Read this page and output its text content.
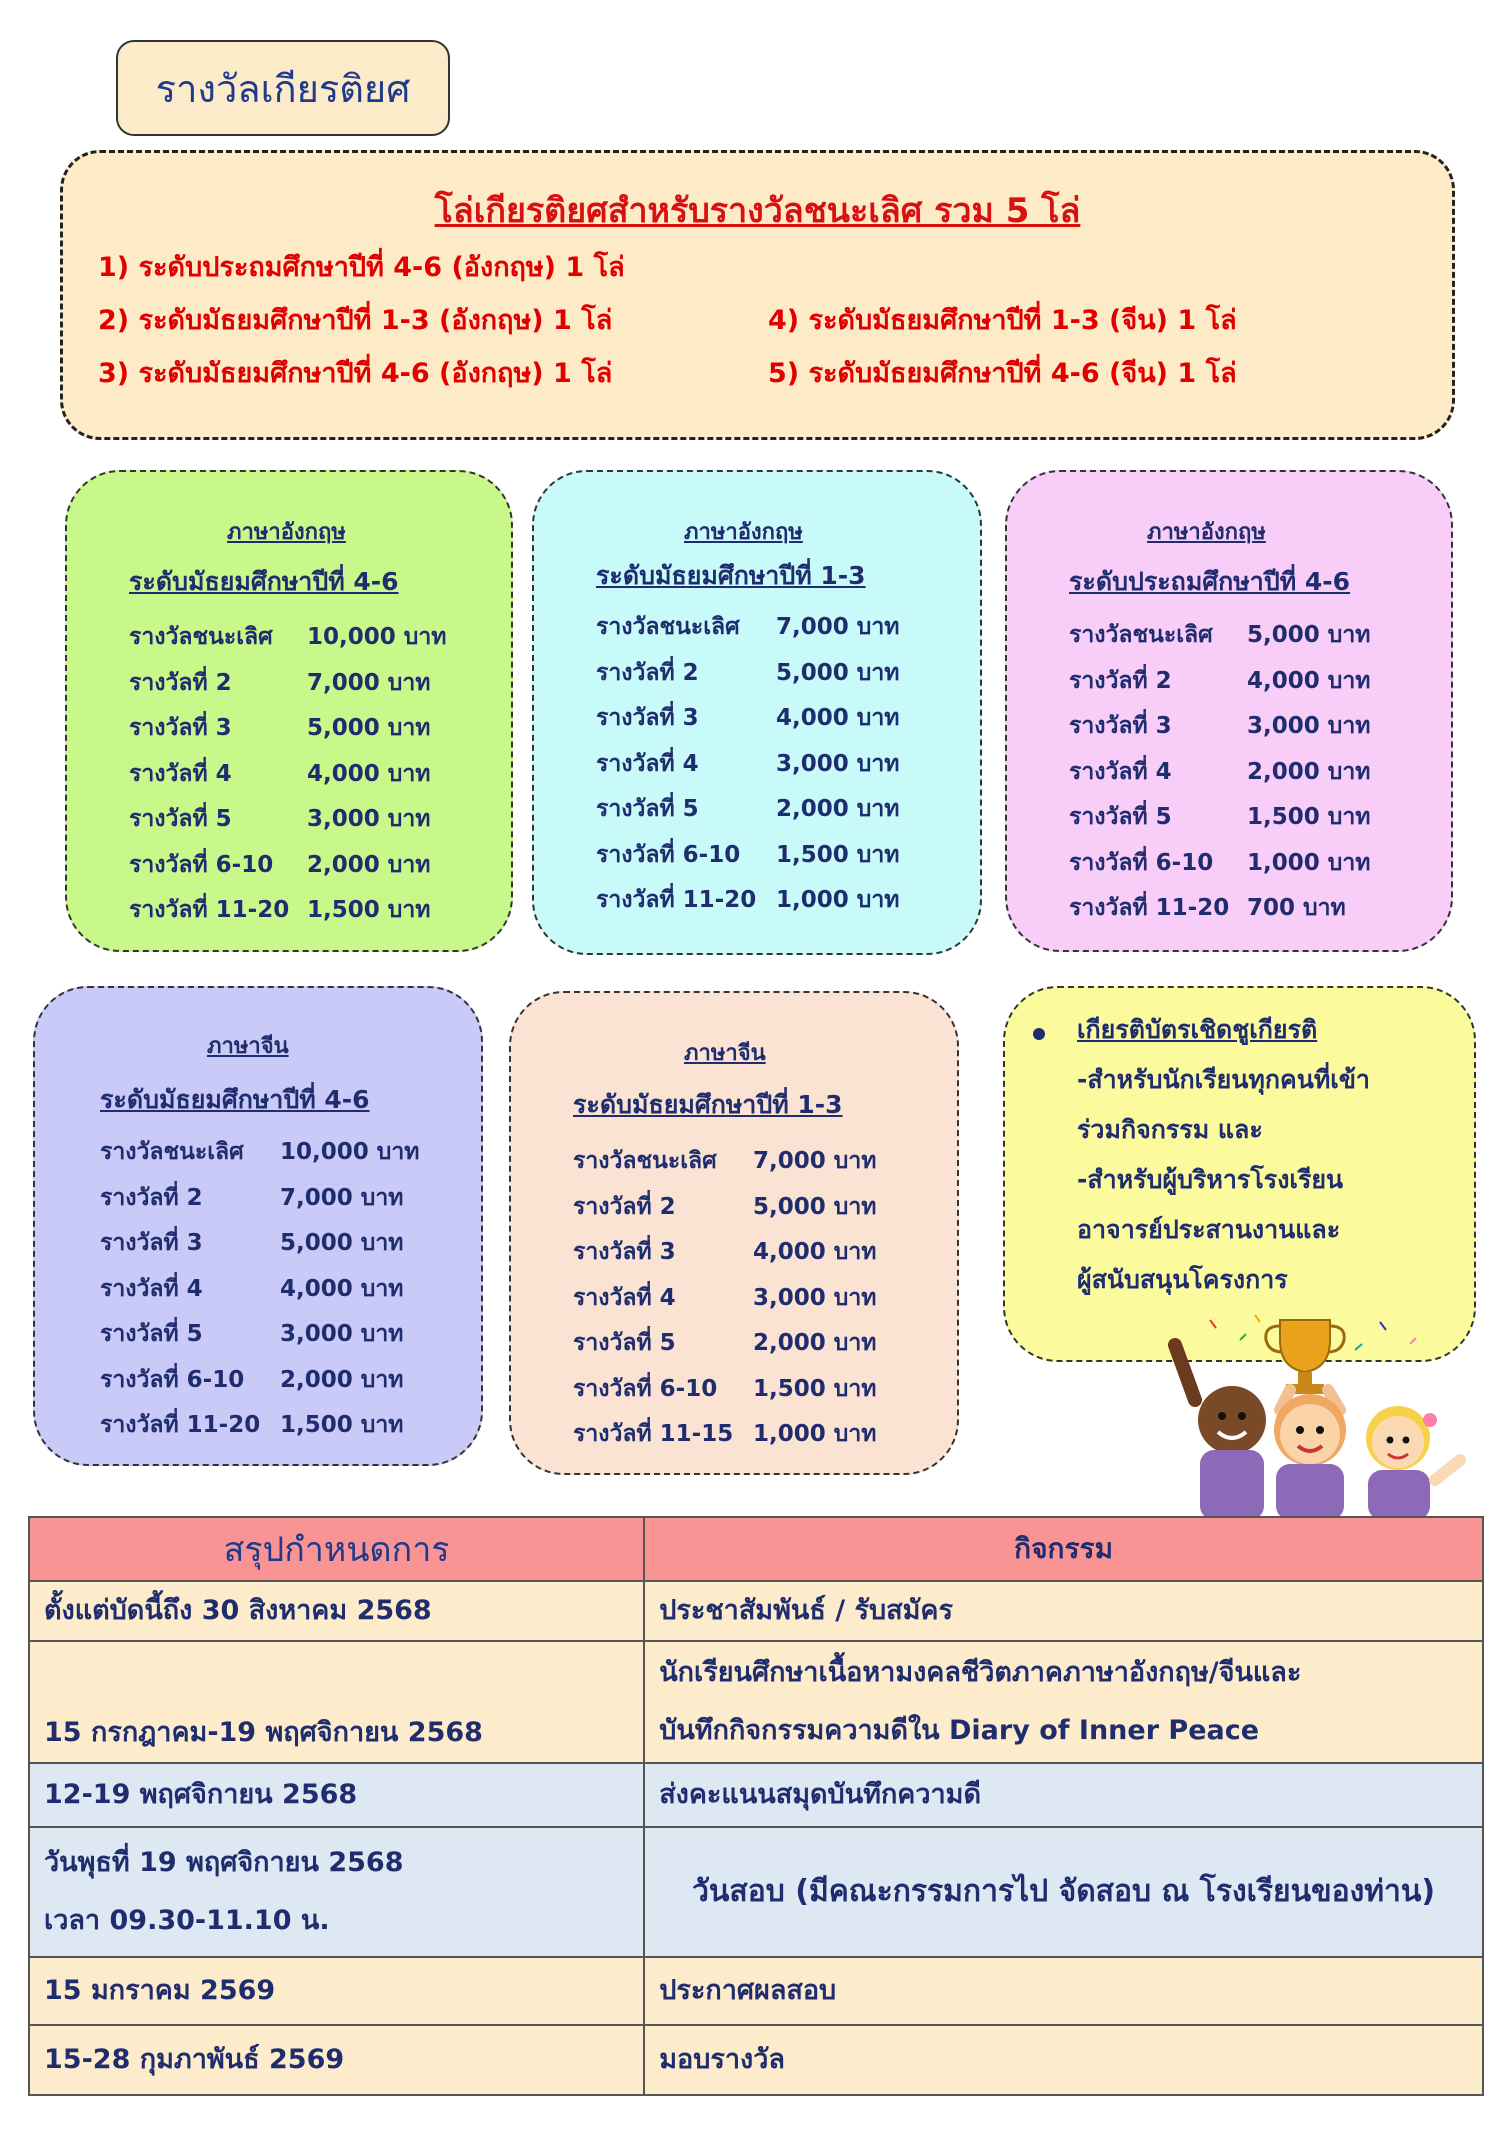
รางวัลเกียรติยศ
โล่เกียรติยศสำหรับรางวัลชนะเลิศ รวม 5 โล่
1) ระดับประถมศึกษาปีที่ 4-6 (อังกฤษ) 1 โล่
2) ระดับมัธยมศึกษาปีที่ 1-3 (อังกฤษ) 1 โล่
3) ระดับมัธยมศึกษาปีที่ 4-6 (อังกฤษ) 1 โล่
4) ระดับมัธยมศึกษาปีที่ 1-3 (จีน) 1 โล่
5) ระดับมัธยมศึกษาปีที่ 4-6 (จีน) 1 โล่
ภาษาอังกฤษ
ระดับมัธยมศึกษาปีที่ 4-6
รางวัลชนะเลิศ 10,000 บาท
รางวัลที่ 2	7,000 บาท
รางวัลที่ 3	5,000 บาท
รางวัลที่ 4	4,000 บาท
รางวัลที่ 5	3,000 บาท
รางวัลที่ 6-10 2,000 บาท
รางวัลที่ 11-20 1,500 บาท
ภาษาอังกฤษ
ระดับมัธยมศึกษาปีที่ 1-3
รางวัลชนะเลิศ 7,000 บาท
รางวัลที่ 2	5,000 บาท
รางวัลที่ 3	4,000 บาท
รางวัลที่ 4	3,000 บาท
รางวัลที่ 5	2,000 บาท
รางวัลที่ 6-10 1,500 บาท
รางวัลที่ 11-20 1,000 บาท
ภาษาอังกฤษ
ระดับประถมศึกษาปีที่ 4-6
รางวัลชนะเลิศ 5,000 บาท
รางวัลที่ 2	4,000 บาท
รางวัลที่ 3	3,000 บาท
รางวัลที่ 4	2,000 บาท
รางวัลที่ 5	1,500 บาท
รางวัลที่ 6-10 1,000 บาท
รางวัลที่ 11-20 700 บาท
ภาษาจีน
ระดับมัธยมศึกษาปีที่ 4-6
รางวัลชนะเลิศ 10,000 บาท
รางวัลที่ 2	7,000 บาท
รางวัลที่ 3	5,000 บาท
รางวัลที่ 4	4,000 บาท
รางวัลที่ 5	3,000 บาท
รางวัลที่ 6-10 2,000 บาท
รางวัลที่ 11-20 1,500 บาท
ภาษาจีน
ระดับมัธยมศึกษาปีที่ 1-3
รางวัลชนะเลิศ 7,000 บาท
รางวัลที่ 2	5,000 บาท
รางวัลที่ 3	4,000 บาท
รางวัลที่ 4	3,000 บาท
รางวัลที่ 5	2,000 บาท
รางวัลที่ 6-10 1,500 บาท
รางวัลที่ 11-15 1,000 บาท
เกียรติบัตรเชิดชูเกียรติ
-สำหรับนักเรียนทุกคนที่เข้า
ร่วมกิจกรรม และ
-สำหรับผู้บริหารโรงเรียน
อาจารย์ประสานงานและ
ผู้สนับสนุนโครงการ
สรุปกำหนดการ	กิจกรรม

ตั้งแต่บัดนี้ถึง 30 สิงหาคม 2568	ประชาสัมพันธ์ / รับสมัคร

15 กรกฎาคม-19 พฤศจิกายน 2568	นักเรียนศึกษาเนื้อหามงคลชีวิตภาคภาษาอังกฤษ/จีนและ
บันทึกกิจกรรมความดีใน Diary of Inner Peace

12-19 พฤศจิกายน 2568	ส่งคะแนนสมุดบันทึกความดี

วันพุธที่ 19 พฤศจิกายน 2568
เวลา 09.30-11.10 น.	วันสอบ (มีคณะกรรมการไป จัดสอบ ณ โรงเรียนของท่าน)

15 มกราคม 2569	ประกาศผลสอบ

15-28 กุมภาพันธ์ 2569	มอบรางวัล
